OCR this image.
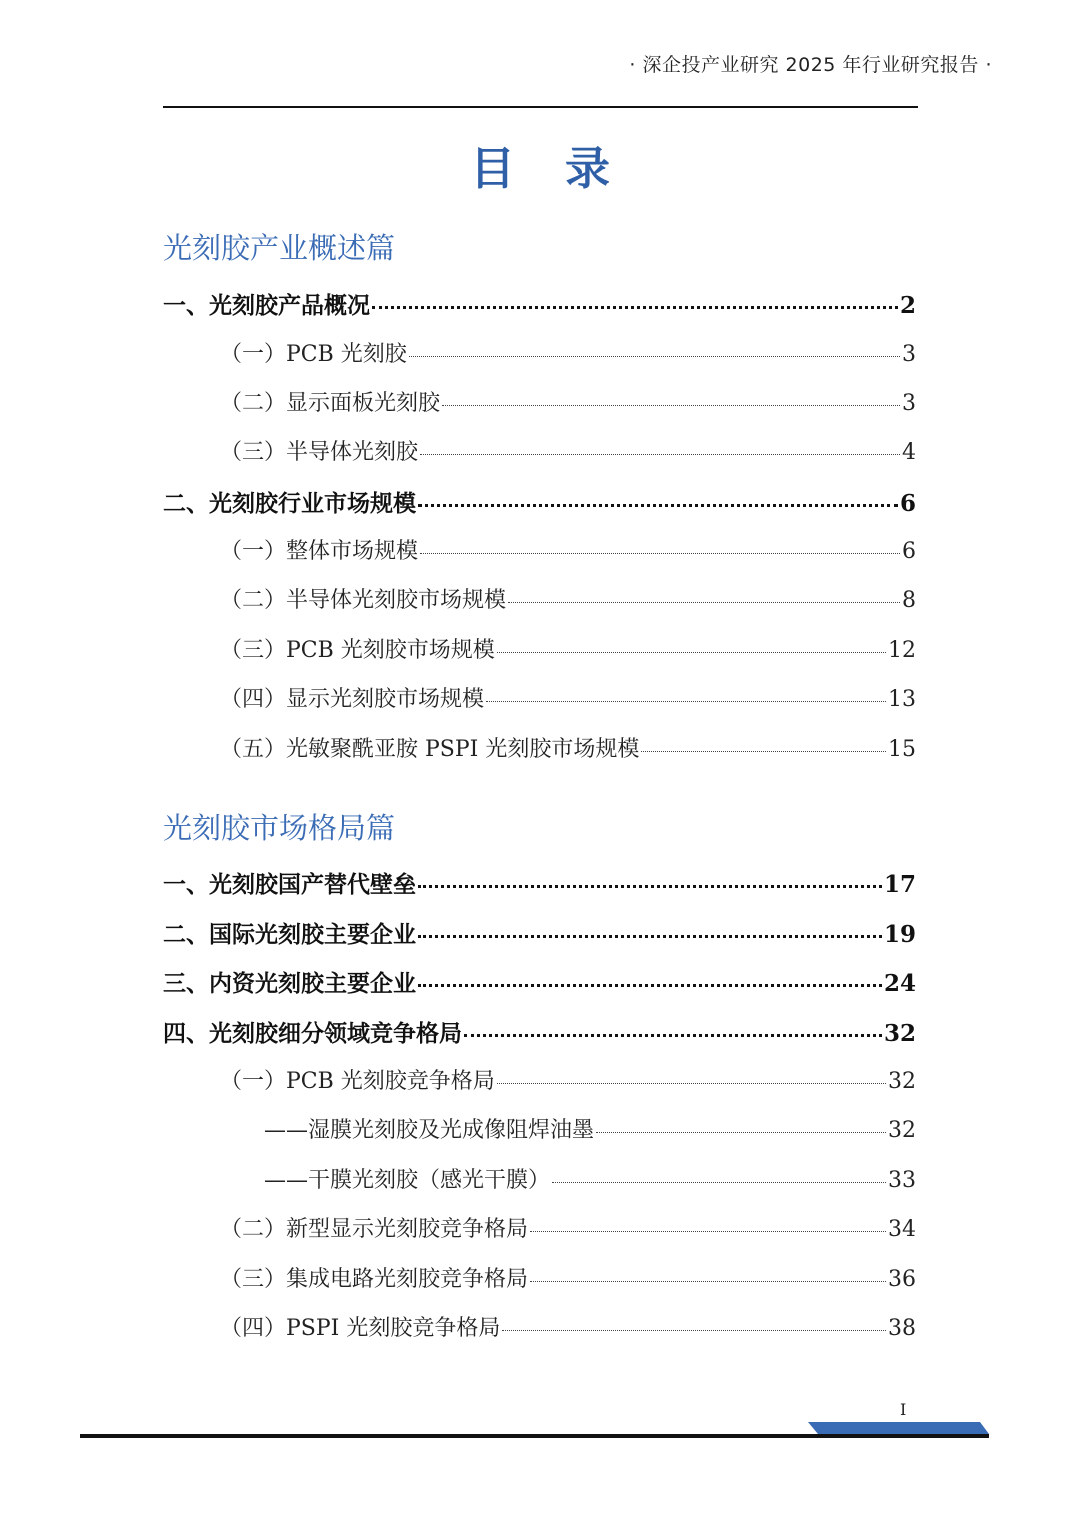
· 深企投产业研究 2025 年行业研究报告 ·
目录
光刻胶产业概述篇
一、光刻胶产品概况	2
（一）PCB 光刻胶	3
（二）显示面板光刻胶	3
（三）半导体光刻胶	4
二、光刻胶行业市场规模	6
（一）整体市场规模	6
（二）半导体光刻胶市场规模	8
（三）PCB 光刻胶市场规模	12
（四）显示光刻胶市场规模	13
（五）光敏聚酰亚胺 PSPI 光刻胶市场规模	15
光刻胶市场格局篇
一、光刻胶国产替代壁垒	17
二、国际光刻胶主要企业	19
三、内资光刻胶主要企业	24
四、光刻胶细分领域竞争格局	32
（一）PCB 光刻胶竞争格局	32
——湿膜光刻胶及光成像阻焊油墨	32
——干膜光刻胶（感光干膜）	33
（二）新型显示光刻胶竞争格局	34
（三）集成电路光刻胶竞争格局	36
（四）PSPI 光刻胶竞争格局	38
I
